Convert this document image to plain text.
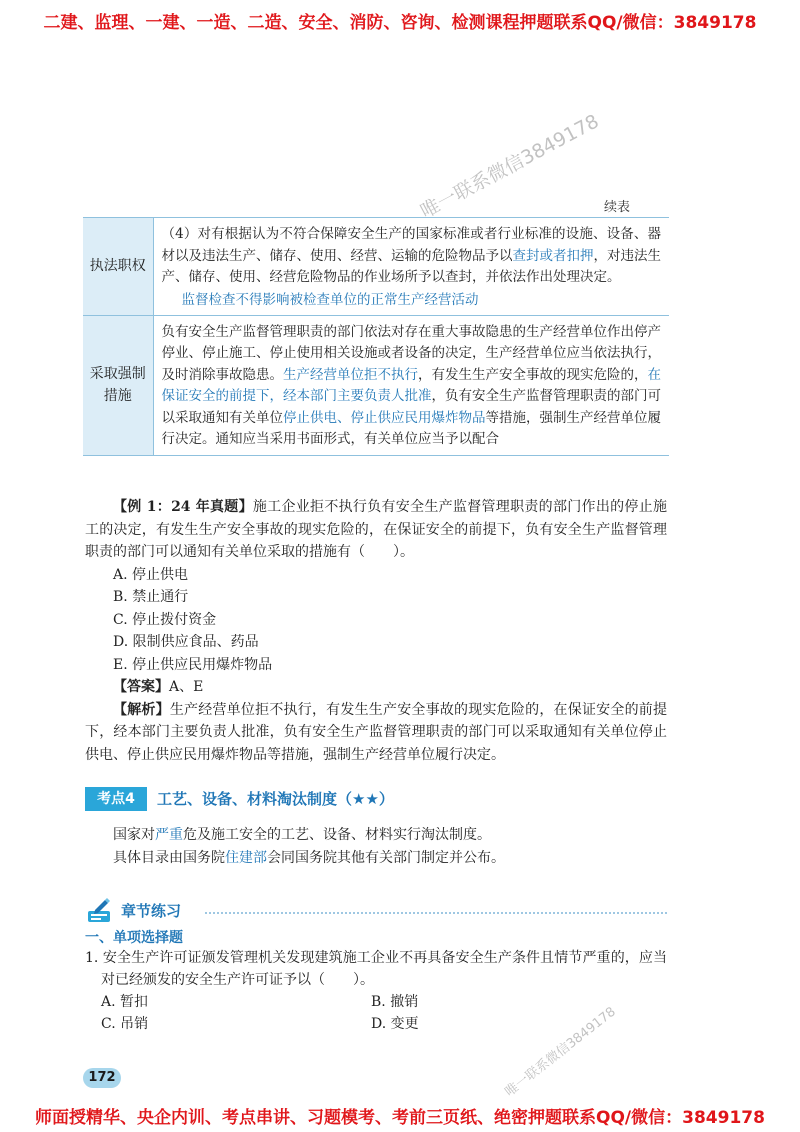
二建、监理、一建、一造、二造、安全、消防、咨询、检测课程押题联系QQ/微信：3849178
唯一联系微信3849178 续表
执法职权	（4）对有根据认为不符合保障安全生产的国家标准或者行业标准的设施、设备、器材以及违法生产、储存、使用、经营、运输的危险物品予以查封或者扣押，对违法生产、储存、使用、经营危险物品的作业场所予以查封，并依法作出处理决定。
监督检查不得影响被检查单位的正常生产经营活动

采取强制措施	负有安全生产监督管理职责的部门依法对存在重大事故隐患的生产经营单位作出停产停业、停止施工、停止使用相关设施或者设备的决定，生产经营单位应当依法执行，及时消除事故隐患。生产经营单位拒不执行，有发生生产安全事故的现实危险的，在保证安全的前提下，经本部门主要负责人批准，负有安全生产监督管理职责的部门可以采取通知有关单位停止供电、停止供应民用爆炸物品等措施，强制生产经营单位履行决定。通知应当采用书面形式，有关单位应当予以配合
【例 1：24 年真题】施工企业拒不执行负有安全生产监督管理职责的部门作出的停止施工的决定，有发生生产安全事故的现实危险的，在保证安全的前提下，负有安全生产监督管理职责的部门可以通知有关单位采取的措施有（　　）。
A. 停止供电
B. 禁止通行
C. 停止拨付资金
D. 限制供应食品、药品
E. 停止供应民用爆炸物品
【答案】A、E
【解析】生产经营单位拒不执行，有发生生产安全事故的现实危险的，在保证安全的前提下，经本部门主要负责人批准，负有安全生产监督管理职责的部门可以采取通知有关单位停止供电、停止供应民用爆炸物品等措施，强制生产经营单位履行决定。
考点4	工艺、设备、材料淘汰制度（★★）
国家对严重危及施工安全的工艺、设备、材料实行淘汰制度。
具体目录由国务院住建部会同国务院其他有关部门制定并公布。
章节练习
一、单项选择题
1. 安全生产许可证颁发管理机关发现建筑施工企业不再具备安全生产条件且情节严重的，应当对已经颁发的安全生产许可证予以（　　）。
A. 暂扣	B. 撤销
C. 吊销	D. 变更	唯一联系微信3849178
172
师面授精华、央企内训、考点串讲、习题模考、考前三页纸、绝密押题联系QQ/微信：3849178
